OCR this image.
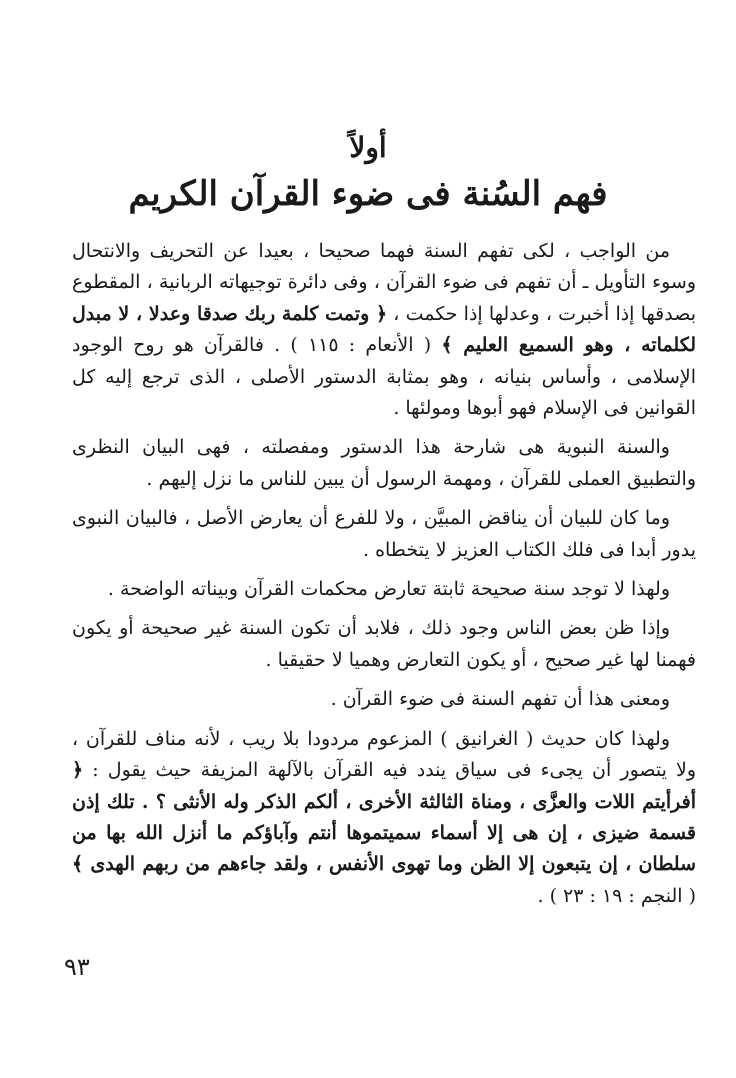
أولاً
فهم السُنة فى ضوء القرآن الكريم

من الواجب ، لكى تفهم السنة فهما صحيحا ، بعيدا عن التحريف والانتحال وسوء التأويل ـ أن تفهم فى ضوء القرآن ، وفى دائرة توجيهاته الربانية ، المقطوع بصدقها إذا أخبرت ، وعدلها إذا حكمت ، ﴿ وتمت كلمة ربك صدقا وعدلا ، لا مبدل لكلماته ، وهو السميع العليم ﴾ ( الأنعام : ١١٥ ) . فالقرآن هو روح الوجود الإسلامى ، وأساس بنيانه ، وهو بمثابة الدستور الأصلى ، الذى ترجع إليه كل القوانين فى الإسلام فهو أبوها ومولئها .

والسنة النبوية هى شارحة هذا الدستور ومفصلته ، فهى البيان النظرى والتطبيق العملى للقرآن ، ومهمة الرسول أن يبين للناس ما نزل إليهم .

وما كان للبيان أن يناقض المبيَّن ، ولا للفرع أن يعارض الأصل ، فالبيان النبوى يدور أبدا فى فلك الكتاب العزيز لا يتخطاه .

ولهذا لا توجد سنة صحيحة ثابتة تعارض محكمات القرآن وبيناته الواضحة .

وإذا ظن بعض الناس وجود ذلك ، فلابد أن تكون السنة غير صحيحة أو يكون فهمنا لها غير صحيح ، أو يكون التعارض وهميا لا حقيقيا .

ومعنى هذا أن تفهم السنة فى ضوء القرآن .

ولهذا كان حديث ( الغرانيق ) المزعوم مردودا بلا ريب ، لأنه مناف للقرآن ، ولا يتصور أن يجىء فى سياق يندد فيه القرآن بالآلهة المزيفة حيث يقول : ﴿ أفرأيتم اللات والعزَّى ، ومناة الثالثة الأخرى ، ألكم الذكر وله الأنثى ؟ . تلك إذن قسمة ضيزى ، إن هى إلا أسماء سميتموها أنتم وآباؤكم ما أنزل الله بها من سلطان ، إن يتبعون إلا الظن وما تهوى الأنفس ، ولقد جاءهم من ربهم الهدى ﴾ ( النجم : ١٩ : ٢٣ ) .

٩٣
